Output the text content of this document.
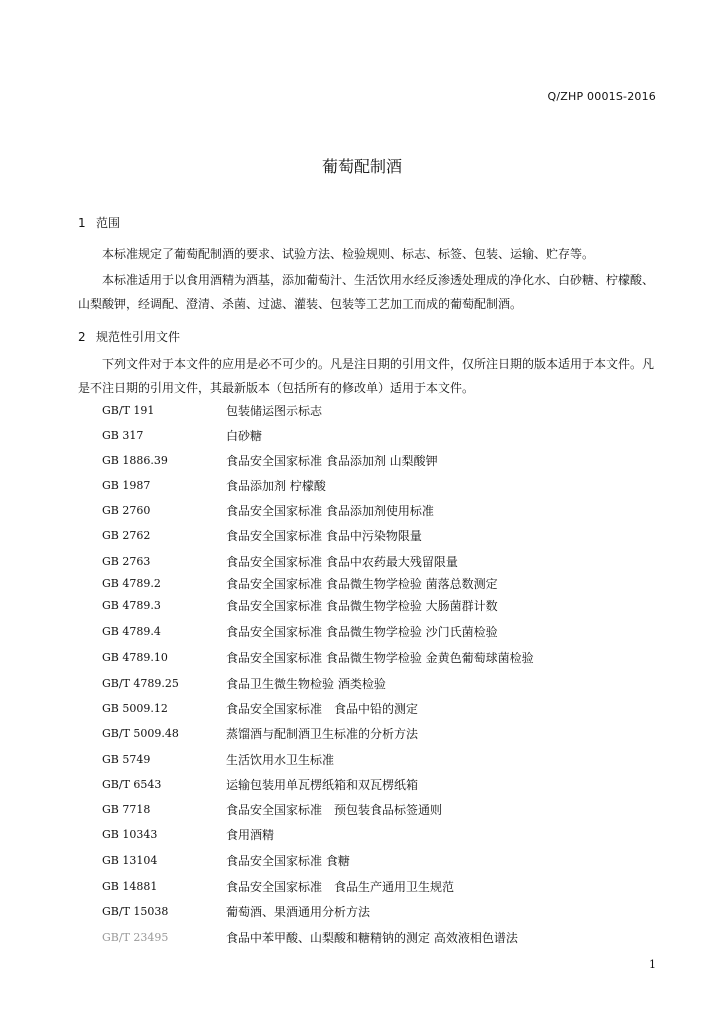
Q/ZHP 0001S-2016
葡萄配制酒
1 范围
本标准规定了葡萄配制酒的要求、试验方法、检验规则、标志、标签、包装、运输、贮存等。
本标准适用于以食用酒精为酒基，添加葡萄汁、生活饮用水经反渗透处理成的净化水、白砂糖、柠檬酸、山梨酸钾，经调配、澄清、杀菌、过滤、灌装、包装等工艺加工而成的葡萄配制酒。
2 规范性引用文件
下列文件对于本文件的应用是必不可少的。凡是注日期的引用文件，仅所注日期的版本适用于本文件。凡是不注日期的引用文件，其最新版本（包括所有的修改单）适用于本文件。
GB/T 191	包装储运图示标志
GB 317	白砂糖
GB 1886.39	食品安全国家标准 食品添加剂 山梨酸钾
GB 1987	食品添加剂 柠檬酸
GB 2760	食品安全国家标准 食品添加剂使用标准
GB 2762	食品安全国家标准 食品中污染物限量
GB 2763	食品安全国家标准 食品中农药最大残留限量
GB 4789.2	食品安全国家标准 食品微生物学检验 菌落总数测定
GB 4789.3	食品安全国家标准 食品微生物学检验 大肠菌群计数
GB 4789.4	食品安全国家标准 食品微生物学检验 沙门氏菌检验
GB 4789.10	食品安全国家标准 食品微生物学检验 金黄色葡萄球菌检验
GB/T 4789.25	食品卫生微生物检验 酒类检验
GB 5009.12	食品安全国家标准　食品中铅的测定
GB/T 5009.48	蒸馏酒与配制酒卫生标准的分析方法
GB 5749	生活饮用水卫生标准
GB/T 6543	运输包装用单瓦楞纸箱和双瓦楞纸箱
GB 7718	食品安全国家标准　预包装食品标签通则
GB 10343	食用酒精
GB 13104	食品安全国家标准 食糖
GB 14881	食品安全国家标准　食品生产通用卫生规范
GB/T 15038	葡萄酒、果酒通用分析方法
GB/T 23495	食品中苯甲酸、山梨酸和糖精钠的测定 高效液相色谱法
1
